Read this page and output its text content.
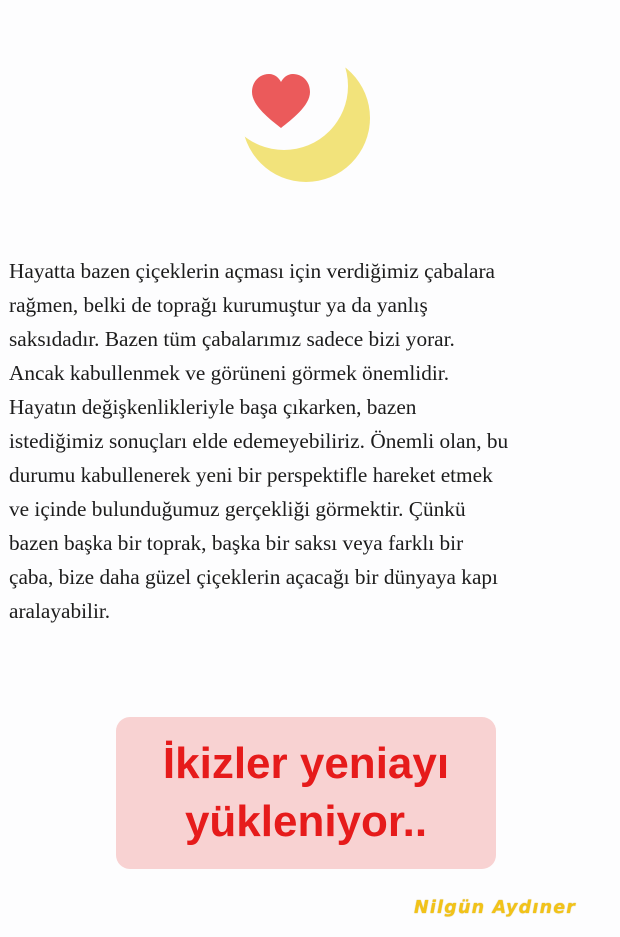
Hayatta bazen çiçeklerin açması için verdiğimiz çabalara
rağmen, belki de toprağı kurumuştur ya da yanlış
saksıdadır. Bazen tüm çabalarımız sadece bizi yorar.
Ancak kabullenmek ve görüneni görmek önemlidir.
Hayatın değişkenlikleriyle başa çıkarken, bazen
istediğimiz sonuçları elde edemeyebiliriz. Önemli olan, bu
durumu kabullenerek yeni bir perspektifle hareket etmek
ve içinde bulunduğumuz gerçekliği görmektir. Çünkü
bazen başka bir toprak, başka bir saksı veya farklı bir
çaba, bize daha güzel çiçeklerin açacağı bir dünyaya kapı
aralayabilir.

İkizler yeniayı
yükleniyor..
Nilgün Aydıner
